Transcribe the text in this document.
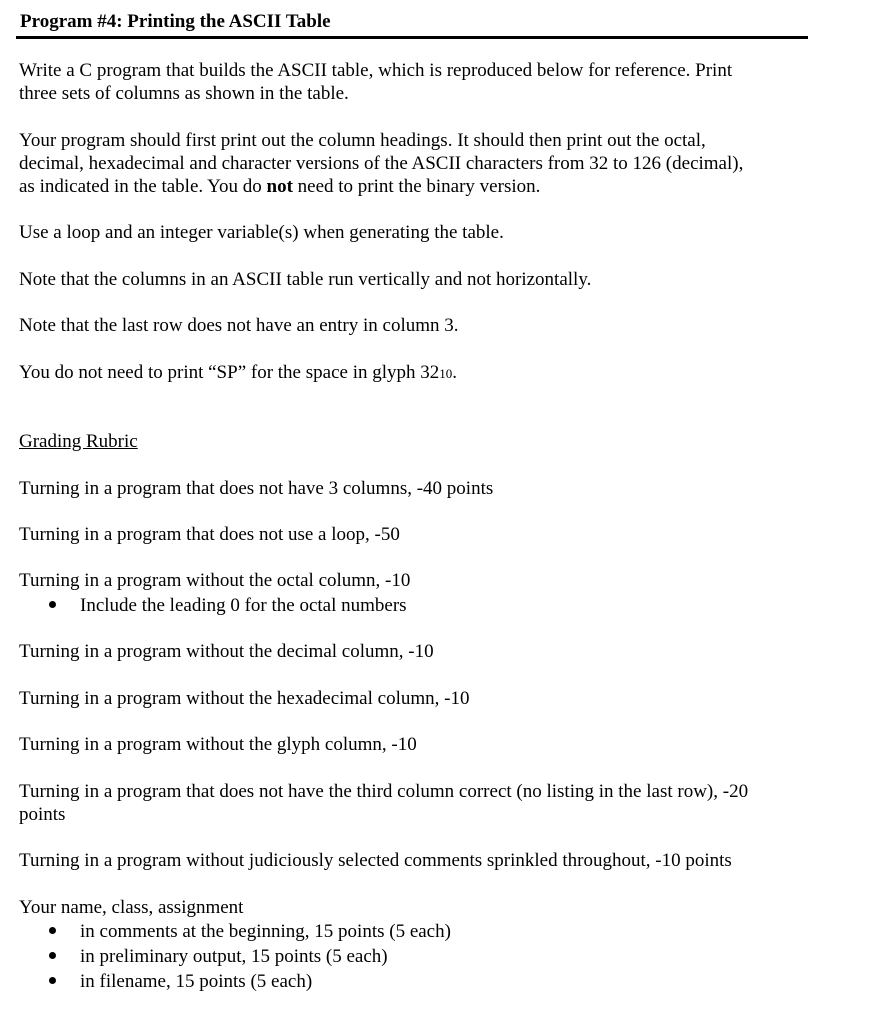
Program #4: Printing the ASCII Table

Write a C program that builds the ASCII table, which is reproduced below for reference. Print

three sets of columns as shown in the table.

Your program should first print out the column headings. It should then print out the octal,

decimal, hexadecimal and character versions of the ASCII characters from 32 to 126 (decimal),

as indicated in the table. You do not need to print the binary version.

Use a loop and an integer variable(s) when generating the table.

Note that the columns in an ASCII table run vertically and not horizontally.

Note that the last row does not have an entry in column 3.

You do not need to print “SP” for the space in glyph 3210.

Grading Rubric

Turning in a program that does not have 3 columns, -40 points

Turning in a program that does not use a loop, -50

Turning in a program without the octal column, -10

Include the leading 0 for the octal numbers

Turning in a program without the decimal column, -10

Turning in a program without the hexadecimal column, -10

Turning in a program without the glyph column, -10

Turning in a program that does not have the third column correct (no listing in the last row), -20

points

Turning in a program without judiciously selected comments sprinkled throughout, -10 points

Your name, class, assignment

in comments at the beginning, 15 points (5 each)

in preliminary output, 15 points (5 each)

in filename, 15 points (5 each)
